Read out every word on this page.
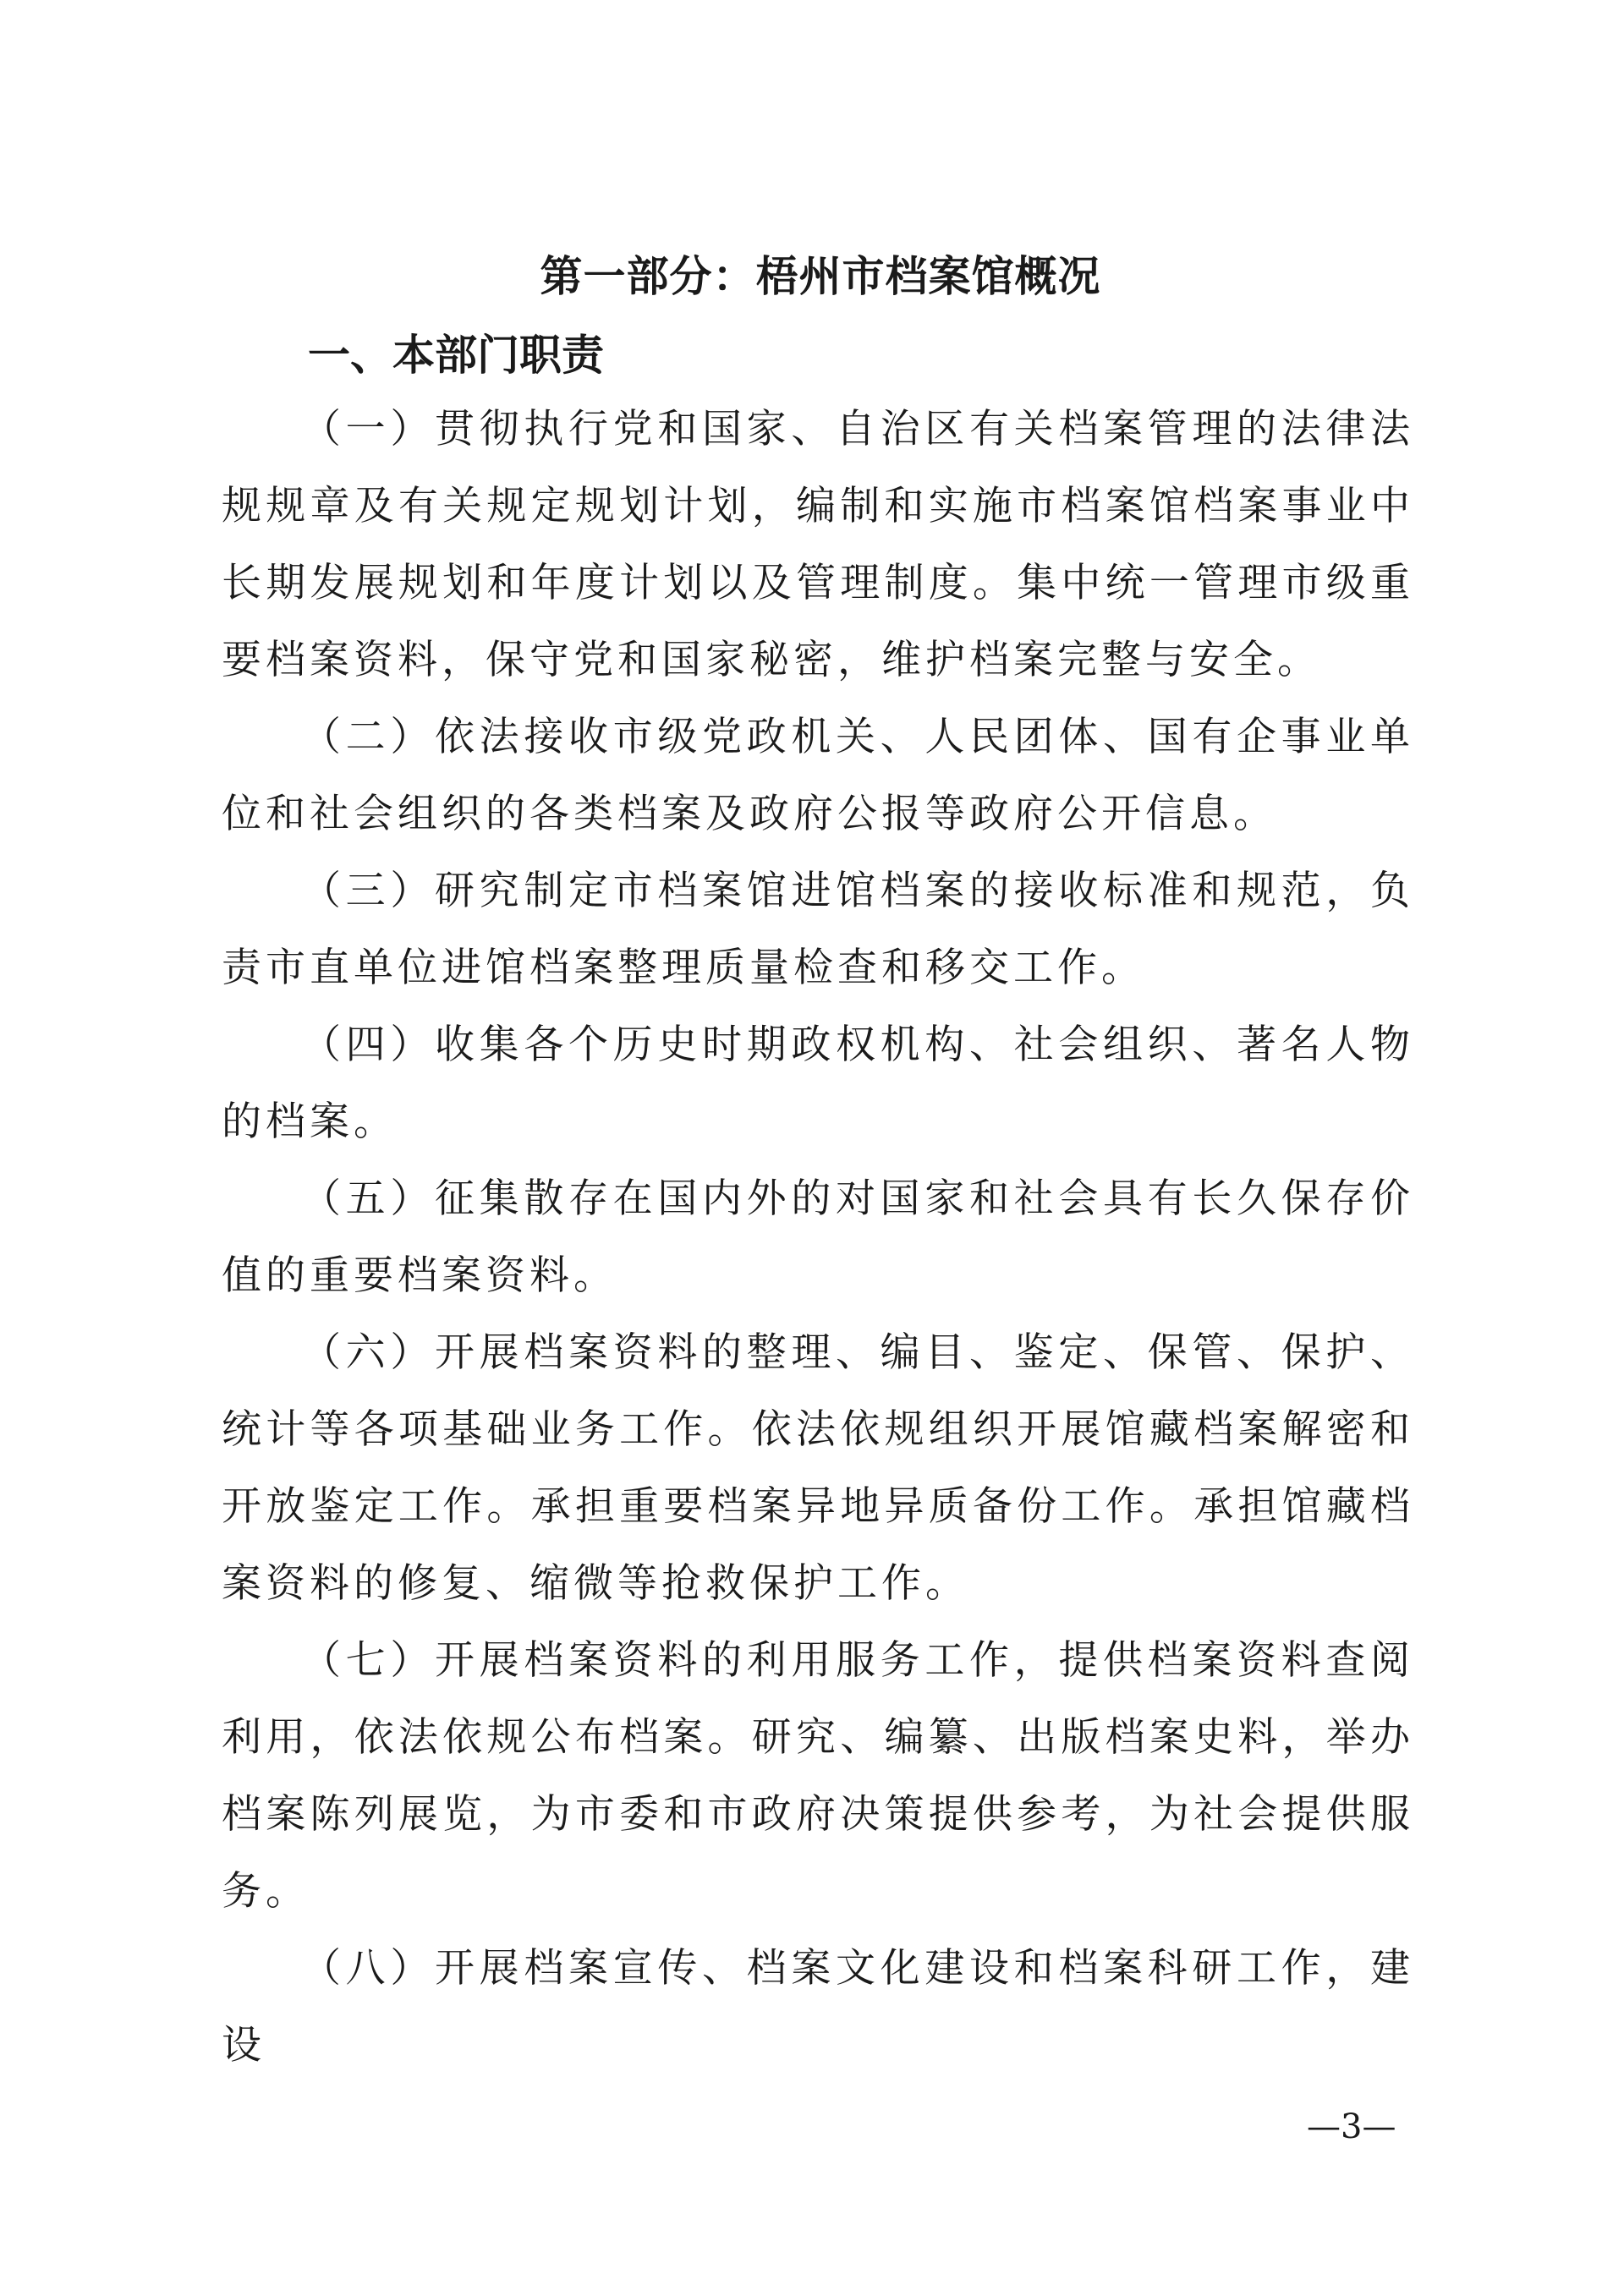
第一部分：梧州市档案馆概况
一、本部门职责

（一）贯彻执行党和国家、自治区有关档案管理的法律法规规章及有关规定规划计划，编制和实施市档案馆档案事业中长期发展规划和年度计划以及管理制度。集中统一管理市级重要档案资料，保守党和国家秘密，维护档案完整与安全。

（二）依法接收市级党政机关、人民团体、国有企事业单位和社会组织的各类档案及政府公报等政府公开信息。

（三）研究制定市档案馆进馆档案的接收标准和规范，负责市直单位进馆档案整理质量检查和移交工作。

（四）收集各个历史时期政权机构、社会组织、著名人物的档案。

（五）征集散存在国内外的对国家和社会具有长久保存价值的重要档案资料。

（六）开展档案资料的整理、编目、鉴定、保管、保护、统计等各项基础业务工作。依法依规组织开展馆藏档案解密和开放鉴定工作。承担重要档案异地异质备份工作。承担馆藏档案资料的修复、缩微等抢救保护工作。

（七）开展档案资料的利用服务工作，提供档案资料查阅利用，依法依规公布档案。研究、编纂、出版档案史料，举办档案陈列展览，为市委和市政府决策提供参考，为社会提供服务。

（八）开展档案宣传、档案文化建设和档案科研工作，建设

—3—
